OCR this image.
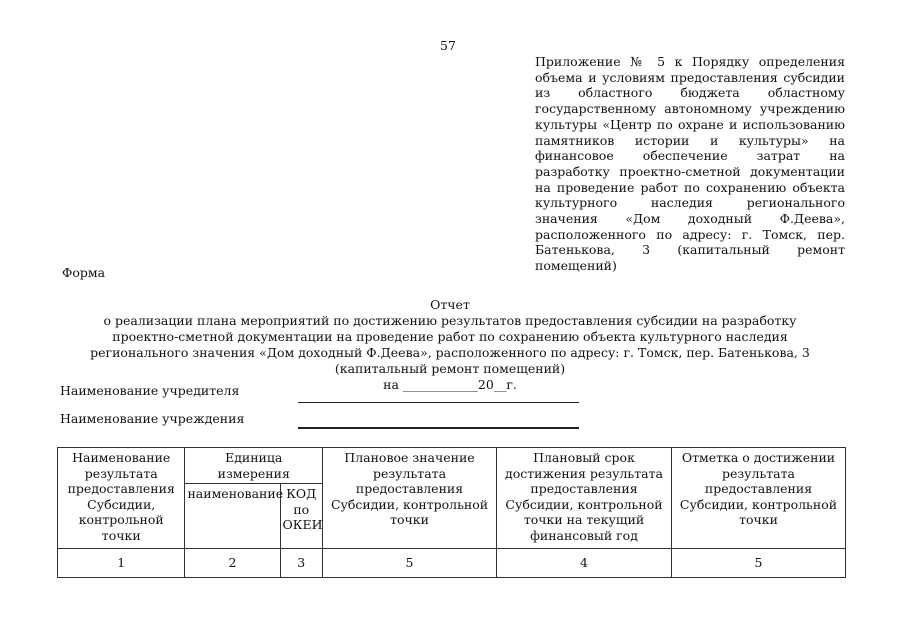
57
Приложение № 5 к Порядку определения объема и условиям предоставления субсидии из областного бюджета областному государственному автономному учреждению культуры «Центр по охране и использованию памятников истории и культуры» на финансовое обеспечение затрат на разработку проектно-сметной документации на проведение работ по сохранению объекта культурного наследия регионального значения «Дом доходный Ф.Деева», расположенного по адресу: г. Томск, пер. Батенькова, 3 (капитальный ремонт помещений)
Форма
Отчет
о реализации плана мероприятий по достижению результатов предоставления субсидии на разработку проектно-сметной документации на проведение работ по сохранению объекта культурного наследия регионального значения «Дом доходный Ф.Деева», расположенного по адресу: г. Томск, пер. Батенькова, 3 (капитальный ремонт помещений)
на ____________20__г.
Наименование учредителя
Наименование учреждения
Наименование результата предоставления Субсидии, контрольной точки	Единица измерения		Плановое значение результата предоставления Субсидии, контрольной точки	Плановый срок достижения результата предоставления Субсидии, контрольной точки на текущий финансовый год	Отметка о достижении результата предоставления Субсидии, контрольной точки
	наименование	КОД по ОКЕИ			
1	2	3	5	4	5
